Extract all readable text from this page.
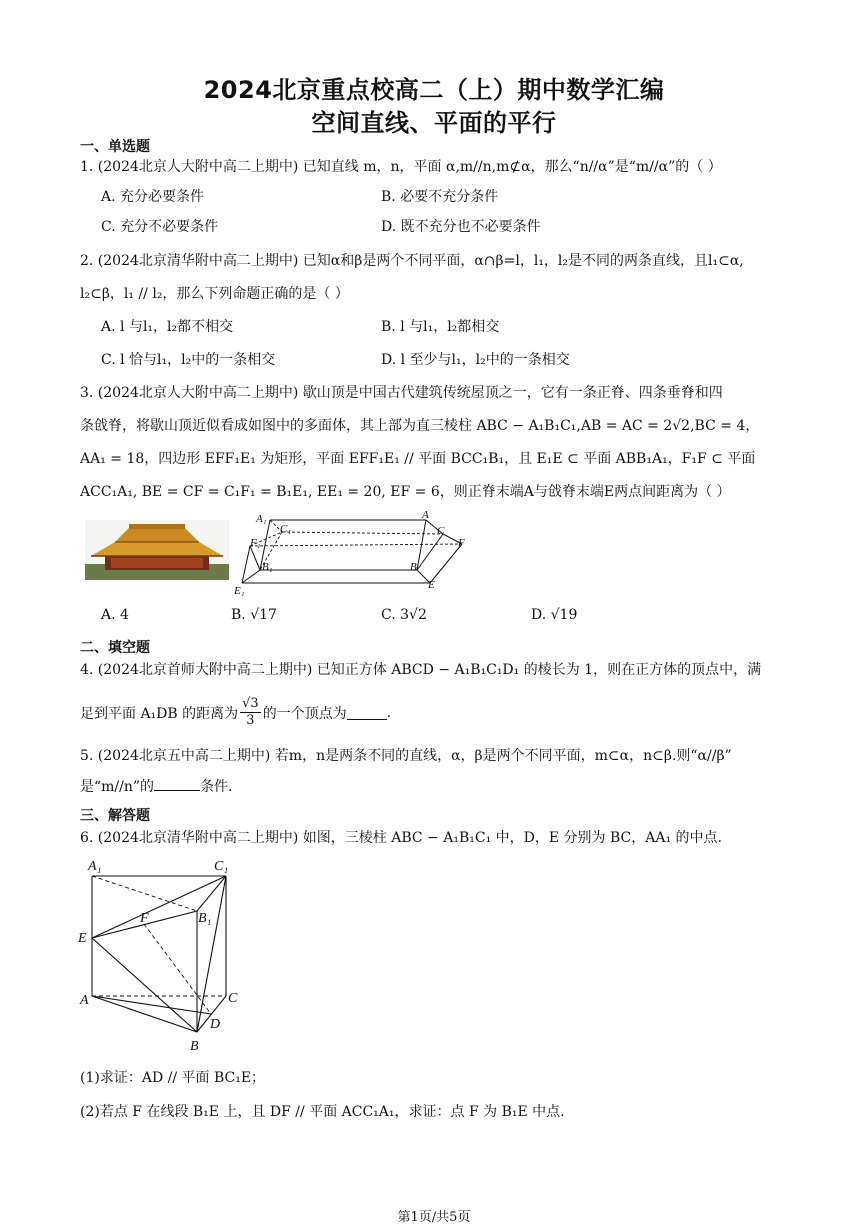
2024北京重点校高二（上）期中数学汇编
空间直线、平面的平行
一、单选题
1. (2024北京人大附中高二上期中) 已知直线 m，n，平面 α,m//n,m⊄α，那么“n//α”是“m//α”的（ ）
A. 充分必要条件	B. 必要不充分条件
C. 充分不必要条件	D. 既不充分也不必要条件
2. (2024北京清华附中高二上期中) 已知α和β是两个不同平面，α∩β=l，l₁，l₂是不同的两条直线，且l₁⊂α,
l₂⊂β，l₁ // l₂，那么下列命题正确的是（ ）
A. l 与l₁，l₂都不相交	B. l 与l₁，l₂都相交
C. l 恰与l₁，l₂中的一条相交	D. l 至少与l₁，l₂中的一条相交
3. (2024北京人大附中高二上期中) 歇山顶是中国古代建筑传统屋顶之一，它有一条正脊、四条垂脊和四
条戗脊，将歇山顶近似看成如图中的多面体，其上部为直三棱柱 ABC − A₁B₁C₁,AB = AC = 2√2,BC = 4，
AA₁ = 18，四边形 EFF₁E₁ 为矩形，平面 EFF₁E₁ // 平面 BCC₁B₁，且 E₁E ⊂ 平面 ABB₁A₁，F₁F ⊂ 平面
ACC₁A₁, BE = CF = C₁F₁ = B₁E₁, EE₁ = 20, EF = 6，则正脊末端A与戗脊末端E两点间距离为（ ）
A₁
C₁
F₁
B₁
E₁
A
C
F
B
E
A. 4	B. √17	C. 3√2	D. √19
二、填空题
4. (2024北京首师大附中高二上期中) 已知正方体 ABCD − A₁B₁C₁D₁ 的棱长为 1，则在正方体的顶点中，满
足到平面 A₁DB 的距离为 $\frac{√3}{3}$ 的一个顶点为	.
5. (2024北京五中高二上期中) 若m，n是两条不同的直线，α，β是两个不同平面，m⊂α，n⊂β.则“α//β”
是“m//n”的	条件.
三、解答题
6. (2024北京清华附中高二上期中) 如图，三棱柱 ABC − A₁B₁C₁ 中，D，E 分别为 BC，AA₁ 的中点.
A₁	C₁
F	B₁
E
A	C
D
B
(1)求证：AD // 平面 BC₁E；
(2)若点 F 在线段 B₁E 上，且 DF // 平面 ACC₁A₁，求证：点 F 为 B₁E 中点.
第1页/共5页
